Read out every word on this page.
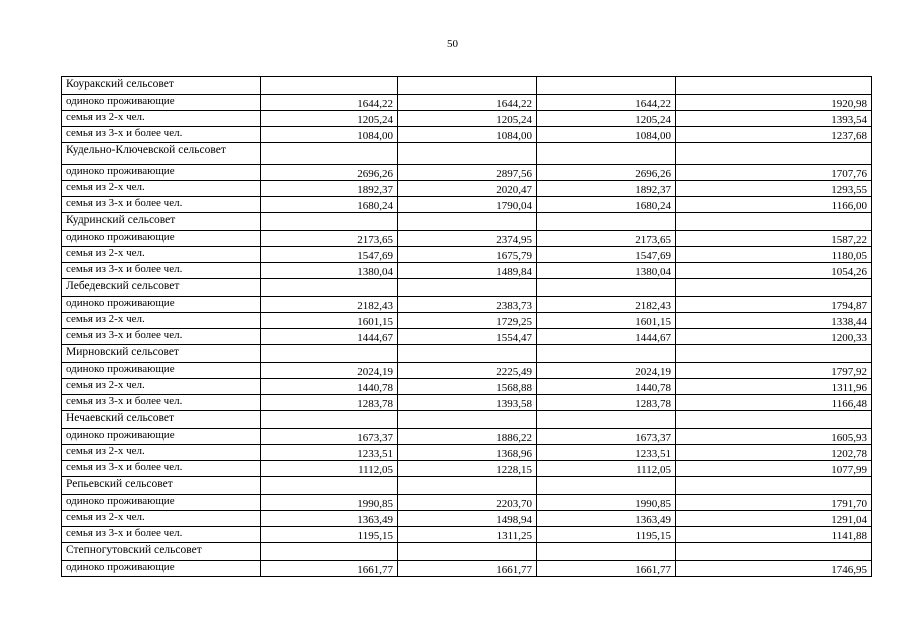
50
Коуракский сельсовет				
одиноко проживающие	1644,22	1644,22	1644,22	1920,98
семья из 2-х чел.	1205,24	1205,24	1205,24	1393,54
семья из 3-х и более чел.	1084,00	1084,00	1084,00	1237,68
Кудельно-Ключевской сельсовет				
одиноко проживающие	2696,26	2897,56	2696,26	1707,76
семья из 2-х чел.	1892,37	2020,47	1892,37	1293,55
семья из 3-х и более чел.	1680,24	1790,04	1680,24	1166,00
Кудринский сельсовет				
одиноко проживающие	2173,65	2374,95	2173,65	1587,22
семья из 2-х чел.	1547,69	1675,79	1547,69	1180,05
семья из 3-х и более чел.	1380,04	1489,84	1380,04	1054,26
Лебедевский сельсовет				
одиноко проживающие	2182,43	2383,73	2182,43	1794,87
семья из 2-х чел.	1601,15	1729,25	1601,15	1338,44
семья из 3-х и более чел.	1444,67	1554,47	1444,67	1200,33
Мирновский сельсовет				
одиноко проживающие	2024,19	2225,49	2024,19	1797,92
семья из 2-х чел.	1440,78	1568,88	1440,78	1311,96
семья из 3-х и более чел.	1283,78	1393,58	1283,78	1166,48
Нечаевский сельсовет				
одиноко проживающие	1673,37	1886,22	1673,37	1605,93
семья из 2-х чел.	1233,51	1368,96	1233,51	1202,78
семья из 3-х и более чел.	1112,05	1228,15	1112,05	1077,99
Репьевский сельсовет				
одиноко проживающие	1990,85	2203,70	1990,85	1791,70
семья из 2-х чел.	1363,49	1498,94	1363,49	1291,04
семья из 3-х и более чел.	1195,15	1311,25	1195,15	1141,88
Степногутовский сельсовет				
одиноко проживающие	1661,77	1661,77	1661,77	1746,95
